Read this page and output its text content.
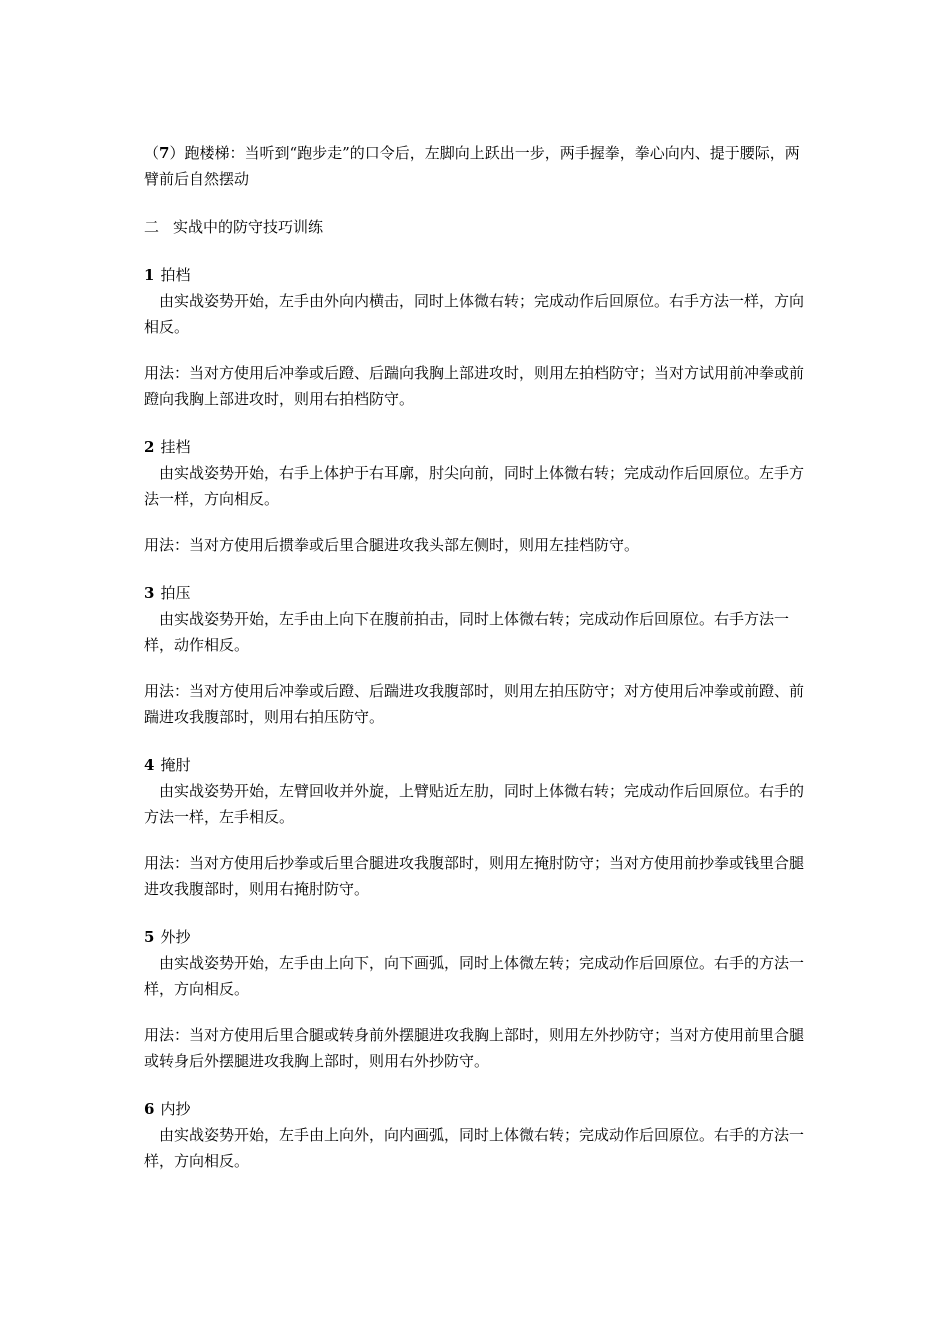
（7）跑楼梯：当听到“跑步走”的口令后，左脚向上跃出一步，两手握拳，拳心向内、提于腰际，两臂前后自然摆动

二 实战中的防守技巧训练

1 拍档

由实战姿势开始，左手由外向内横击，同时上体微右转；完成动作后回原位。右手方法一样，方向相反。

用法：当对方使用后冲拳或后蹬、后踹向我胸上部进攻时，则用左拍档防守；当对方试用前冲拳或前蹬向我胸上部进攻时，则用右拍档防守。

2 挂档

由实战姿势开始，右手上体护于右耳廓，肘尖向前，同时上体微右转；完成动作后回原位。左手方法一样，方向相反。

用法：当对方使用后掼拳或后里合腿进攻我头部左侧时，则用左挂档防守。

3 拍压

由实战姿势开始，左手由上向下在腹前拍击，同时上体微右转；完成动作后回原位。右手方法一样，动作相反。

用法：当对方使用后冲拳或后蹬、后踹进攻我腹部时，则用左拍压防守；对方使用后冲拳或前蹬、前踹进攻我腹部时，则用右拍压防守。

4 掩肘

由实战姿势开始，左臂回收并外旋，上臂贴近左肋，同时上体微右转；完成动作后回原位。右手的方法一样，左手相反。

用法：当对方使用后抄拳或后里合腿进攻我腹部时，则用左掩肘防守；当对方使用前抄拳或钱里合腿进攻我腹部时，则用右掩肘防守。

5 外抄

由实战姿势开始，左手由上向下，向下画弧，同时上体微左转；完成动作后回原位。右手的方法一样，方向相反。

用法：当对方使用后里合腿或转身前外摆腿进攻我胸上部时，则用左外抄防守；当对方使用前里合腿或转身后外摆腿进攻我胸上部时，则用右外抄防守。

6 内抄

由实战姿势开始，左手由上向外，向内画弧，同时上体微右转；完成动作后回原位。右手的方法一样，方向相反。
